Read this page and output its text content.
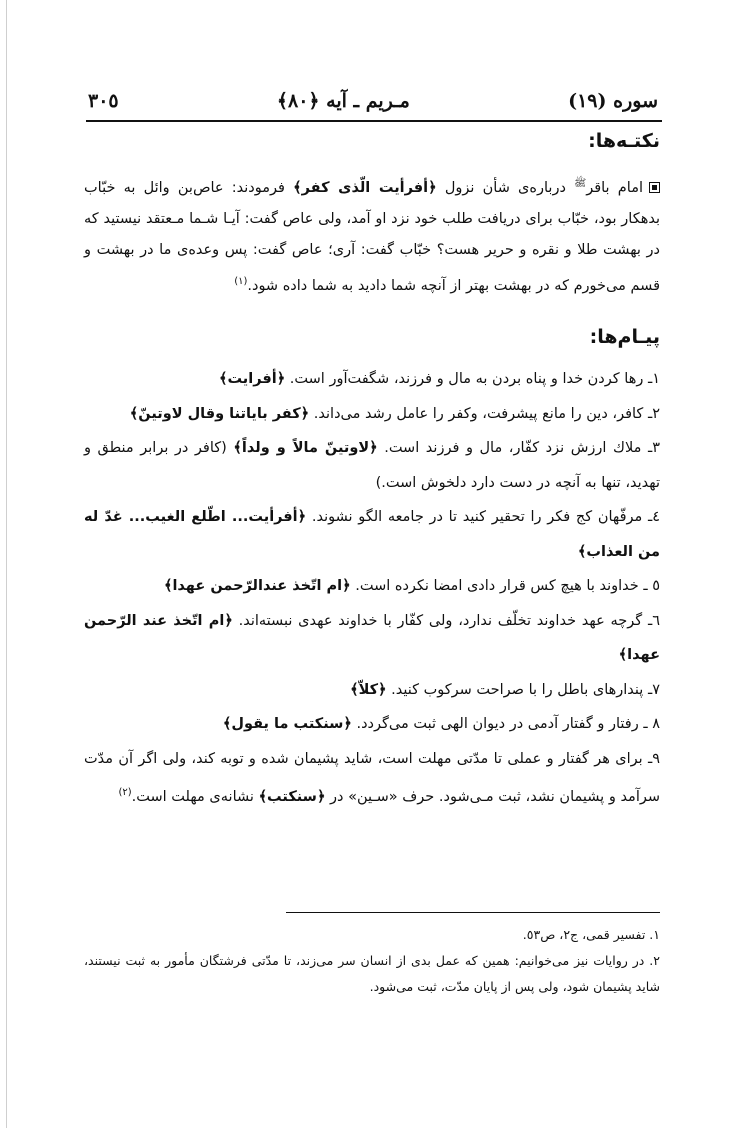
سوره (١٩)
مـريم ـ آيه ﴿٨٠﴾
٣٠٥
نكتـه‌ها:
امام باقر$^ﷺ$ درباره‌ی شأن نزول ﴿أفرأيت الّذى كفر﴾ فرمودند: عاص‌بن وائل به خبّاب بدهكار بود، خبّاب براى دريافت طلب خود نزد او آمد، ولى عاص گفت: آيـا شـما مـعتقد نيستيد كه در بهشت طلا و نقره و حرير هست؟ خبّاب گفت: آرى؛ عاص گفت: پس وعده‌ى ما در بهشت و قسم مى‌خورم كه در بهشت بهتر از آنچه شما داديد به شما داده شود.$^{(١)}$
پيـام‌ها:
١ـ رها كردن خدا و پناه بردن به مال و فرزند، شگفت‌آور است. ﴿أفرايت﴾
٢ـ كافر، دين را مانع پيشرفت، وكفر را عامل رشد مى‌داند. ﴿كفر باياتنا وقال لاوتينّ﴾
٣ـ ملاك ارزش نزد كفّار، مال و فرزند است. ﴿لاوتينّ مالاً و ولداً﴾ (كافر در برابر منطق و تهديد، تنها به آنچه در دست دارد دلخوش است.)
٤ـ مرفّهان كج فكر را تحقير كنيد تا در جامعه الگو نشوند. ﴿أفرأيت... اطّلع الغيب... غدّ له من العذاب﴾
٥ ـ خداوند با هيچ كس قرار دادى امضا نكرده است. ﴿ام اتّخذ عندالرّحمن عهدا﴾
٦ـ گرچه عهد خداوند تخلّف ندارد، ولى كفّار با خداوند عهدى نبسته‌اند. ﴿ام اتّخذ عند الرّحمن عهدا﴾
٧ـ پندارهاى باطل را با صراحت سركوب كنيد. ﴿كلاّ﴾
٨ ـ رفتار و گفتار آدمى در ديوان الهى ثبت مى‌گردد. ﴿سنكتب ما يقول﴾
٩ـ براى هر گفتار و عملى تا مدّتى مهلت است، شايد پشيمان شده و توبه كند، ولى اگر آن مدّت سرآمد و پشيمان نشد، ثبت مـى‌شود. حرف «سـين» در ﴿سنكتب﴾ نشانه‌ى مهلت است.$^{(٢)}$
١. تفسير قمى، ج٢، ص٥٣.
٢. در روايات نيز مى‌خوانيم: همين كه عمل بدى از انسان سر مى‌زند، تا مدّتى فرشتگان مأمور به ثبت نيستند، شايد پشيمان شود، ولى پس از پايان مدّت، ثبت مى‌شود.
